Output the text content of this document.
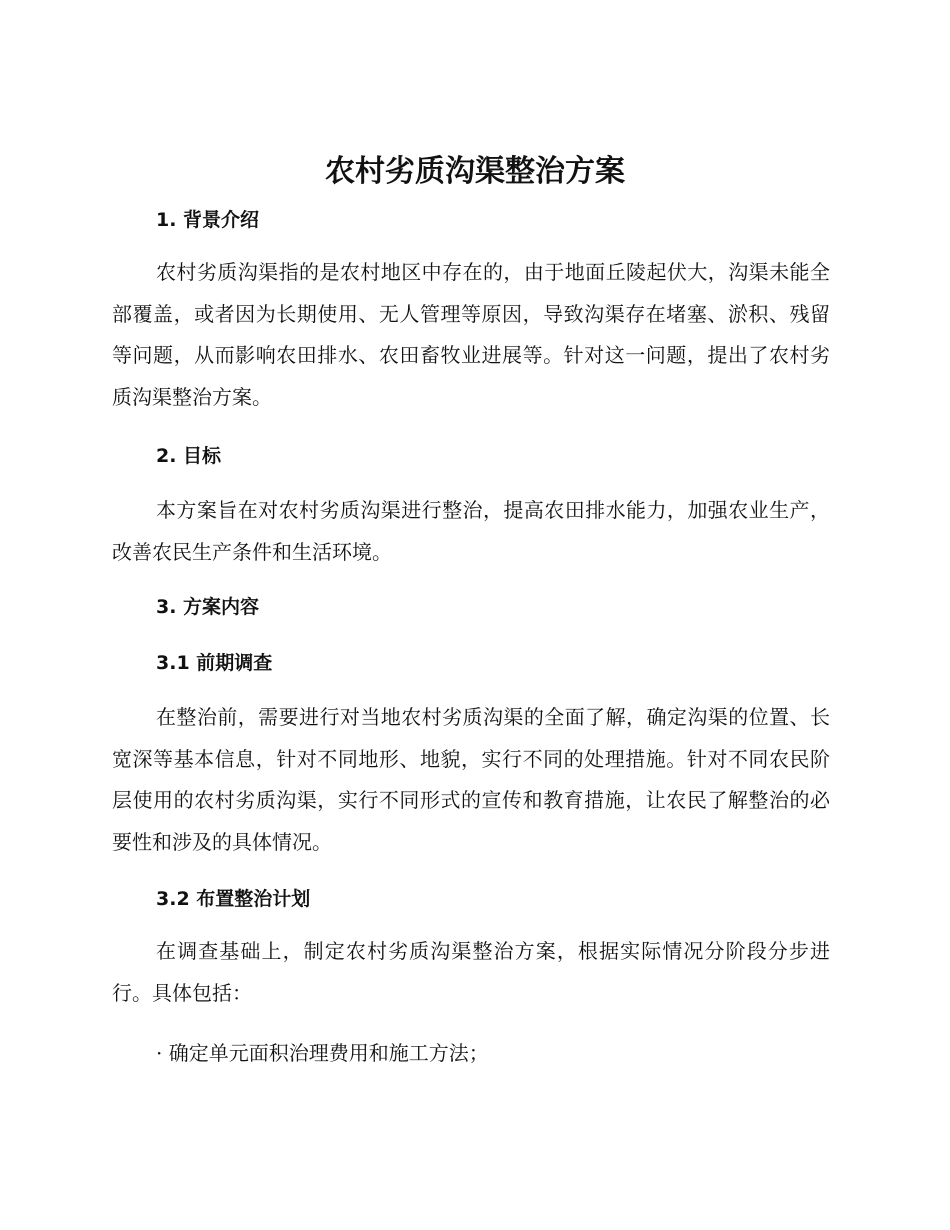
农村劣质沟渠整治方案
1. 背景介绍

农村劣质沟渠指的是农村地区中存在的，由于地面丘陵起伏大，沟渠未能全部覆盖，或者因为长期使用、无人管理等原因，导致沟渠存在堵塞、淤积、残留等问题，从而影响农田排水、农田畜牧业进展等。针对这一问题，提出了农村劣质沟渠整治方案。

2. 目标

本方案旨在对农村劣质沟渠进行整治，提高农田排水能力，加强农业生产，改善农民生产条件和生活环境。

3. 方案内容
3.1 前期调查

在整治前，需要进行对当地农村劣质沟渠的全面了解，确定沟渠的位置、长宽深等基本信息，针对不同地形、地貌，实行不同的处理措施。针对不同农民阶层使用的农村劣质沟渠，实行不同形式的宣传和教育措施，让农民了解整治的必要性和涉及的具体情况。

3.2 布置整治计划

在调查基础上，制定农村劣质沟渠整治方案，根据实际情况分阶段分步进行。具体包括：

· 确定单元面积治理费用和施工方法；
